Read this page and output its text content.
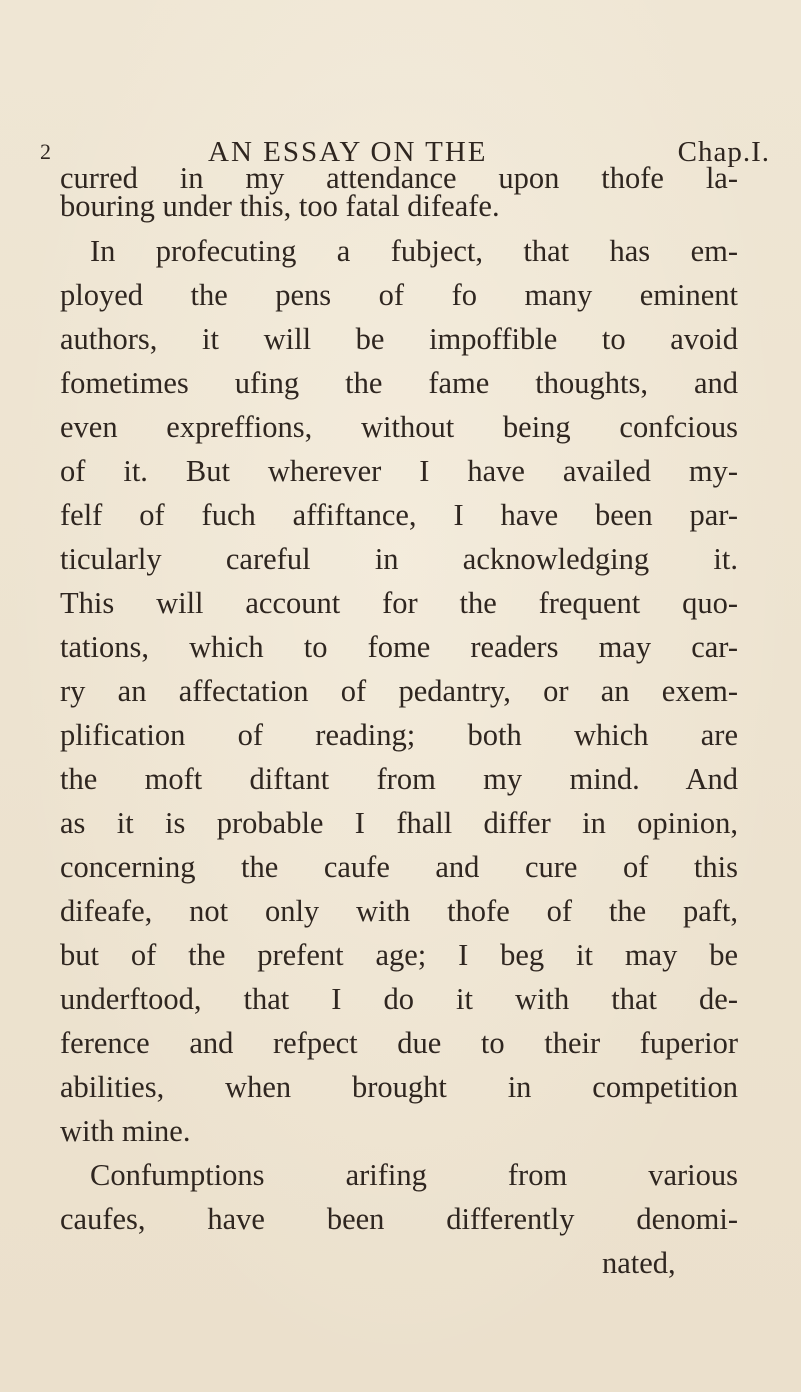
2	AN ESSAY ON THE	Chap.I.
curred in my attendance upon thofe la-
bouring under this, too fatal difeafe.
In profecuting a fubject, that has em-
ployed the pens of fo many eminent
authors, it will be impoffible to avoid
fometimes ufing the fame thoughts, and
even expreffions, without being confcious
of it. But wherever I have availed my-
felf of fuch affiftance, I have been par-
ticularly careful in acknowledging it.
This will account for the frequent quo-
tations, which to fome readers may car-
ry an affectation of pedantry, or an exem-
plification of reading; both which are
the moft diftant from my mind. And
as it is probable I fhall differ in opinion,
concerning the caufe and cure of this
difeafe, not only with thofe of the paft,
but of the prefent age; I beg it may be
underftood, that I do it with that de-
ference and refpect due to their fuperior
abilities, when brought in competition
with mine.
Confumptions arifing from various
caufes, have been differently denomi-
nated,
